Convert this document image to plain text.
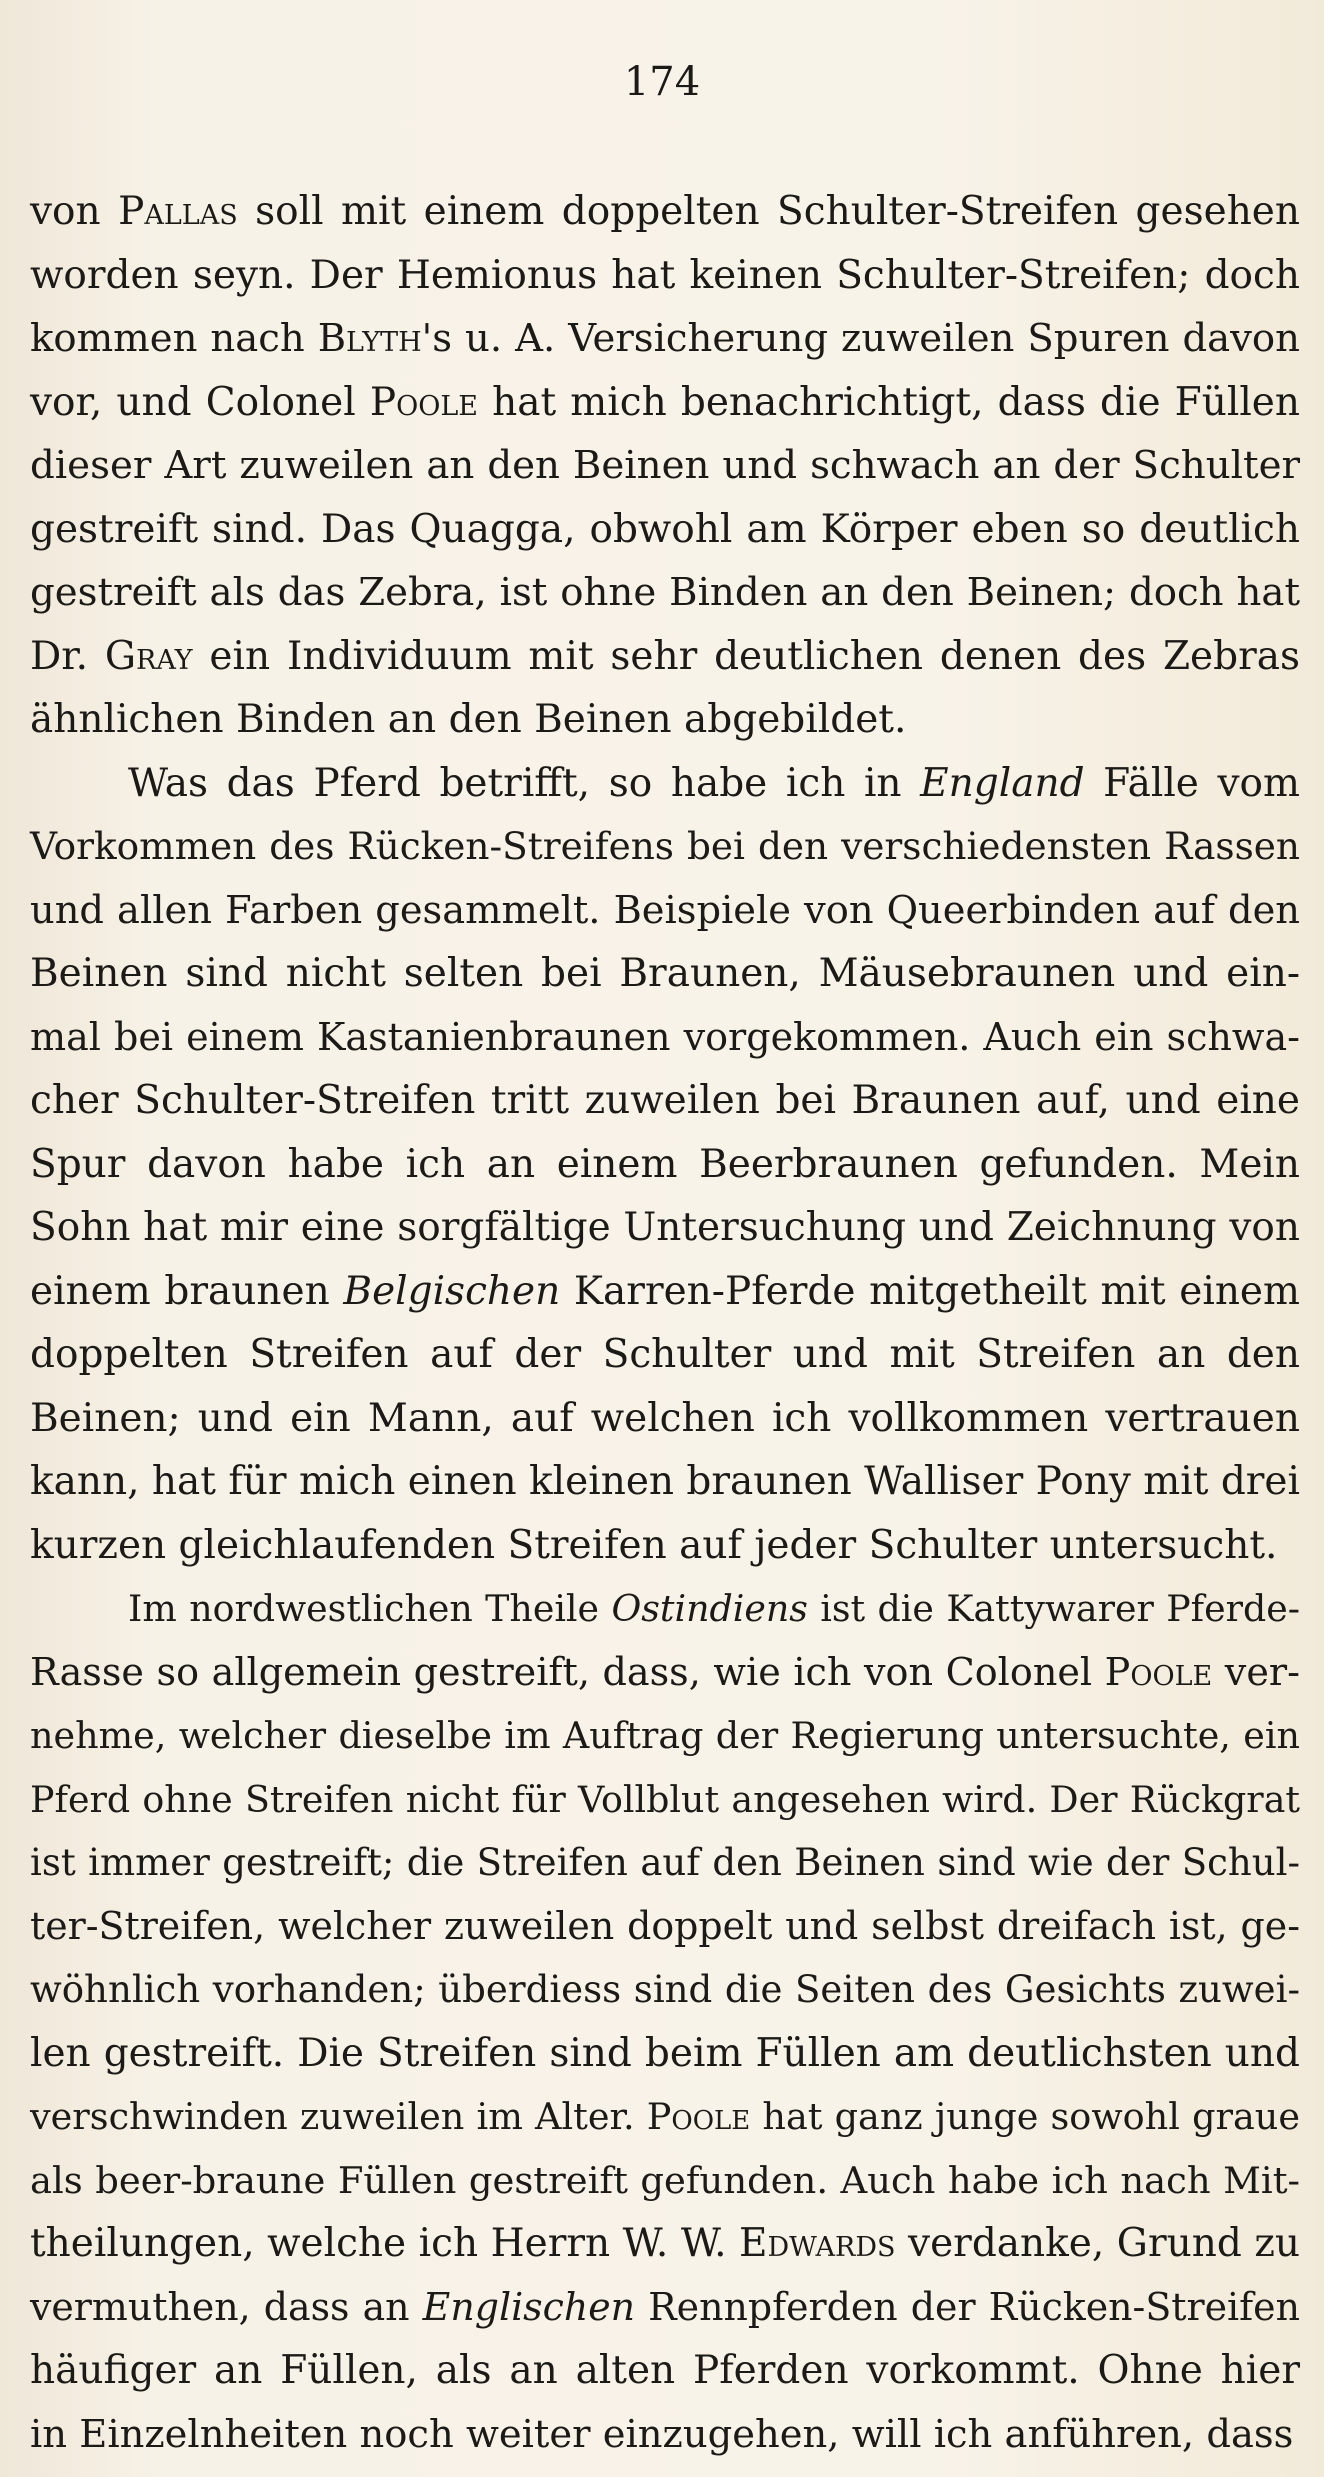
174
von Pallas soll mit einem doppelten Schulter-Streifen gesehen
worden seyn. Der Hemionus hat keinen Schulter-Streifen; doch
kommen nach Blyth's u. A. Versicherung zuweilen Spuren davon
vor, und Colonel Poole hat mich benachrichtigt, dass die Füllen
dieser Art zuweilen an den Beinen und schwach an der Schulter
gestreift sind. Das Quagga, obwohl am Körper eben so deutlich
gestreift als das Zebra, ist ohne Binden an den Beinen; doch hat
Dr. Gray ein Individuum mit sehr deutlichen denen des Zebras
ähnlichen Binden an den Beinen abgebildet.
Was das Pferd betrifft, so habe ich in England Fälle vom
Vorkommen des Rücken-Streifens bei den verschiedensten Rassen
und allen Farben gesammelt. Beispiele von Queerbinden auf den
Beinen sind nicht selten bei Braunen, Mäusebraunen und ein-
mal bei einem Kastanienbraunen vorgekommen. Auch ein schwa-
cher Schulter-Streifen tritt zuweilen bei Braunen auf, und eine
Spur davon habe ich an einem Beerbraunen gefunden. Mein
Sohn hat mir eine sorgfältige Untersuchung und Zeichnung von
einem braunen Belgischen Karren-Pferde mitgetheilt mit einem
doppelten Streifen auf der Schulter und mit Streifen an den
Beinen; und ein Mann, auf welchen ich vollkommen vertrauen
kann, hat für mich einen kleinen braunen Walliser Pony mit drei
kurzen gleichlaufenden Streifen auf jeder Schulter untersucht.
Im nordwestlichen Theile Ostindiens ist die Kattywarer Pferde-
Rasse so allgemein gestreift, dass, wie ich von Colonel Poole ver-
nehme, welcher dieselbe im Auftrag der Regierung untersuchte, ein
Pferd ohne Streifen nicht für Vollblut angesehen wird. Der Rückgrat
ist immer gestreift; die Streifen auf den Beinen sind wie der Schul-
ter-Streifen, welcher zuweilen doppelt und selbst dreifach ist, ge-
wöhnlich vorhanden; überdiess sind die Seiten des Gesichts zuwei-
len gestreift. Die Streifen sind beim Füllen am deutlichsten und
verschwinden zuweilen im Alter. Poole hat ganz junge sowohl graue
als beer-braune Füllen gestreift gefunden. Auch habe ich nach Mit-
theilungen, welche ich Herrn W. W. Edwards verdanke, Grund zu
vermuthen, dass an Englischen Rennpferden der Rücken-Streifen
häufiger an Füllen, als an alten Pferden vorkommt. Ohne hier
in Einzelnheiten noch weiter einzugehen, will ich anführen, dass
